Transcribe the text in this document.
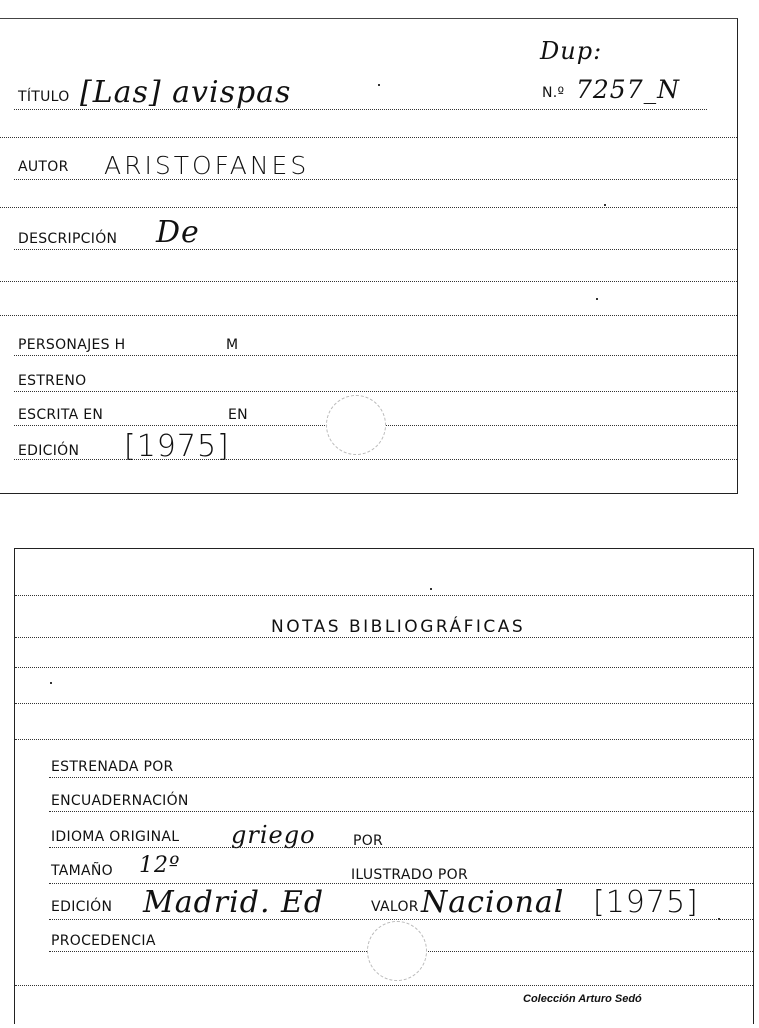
Dup:
N.º 7257_N
TÍTULO [Las] avispas
AUTOR ARISTOFANES
DESCRIPCIÓN De
PERSONAJES H	M
ESTRENO
ESCRITA EN	EN
EDICIÓN [1975]
NOTAS BIBLIOGRÁFICAS
ESTRENADA POR
ENCUADERNACIÓN
IDIOMA ORIGINAL griego	POR
TAMAÑO 12º	ILUSTRADO POR
EDICIÓN Madrid. Ed	VALOR Nacional [1975]
PROCEDENCIA
Colección Arturo Sedó
